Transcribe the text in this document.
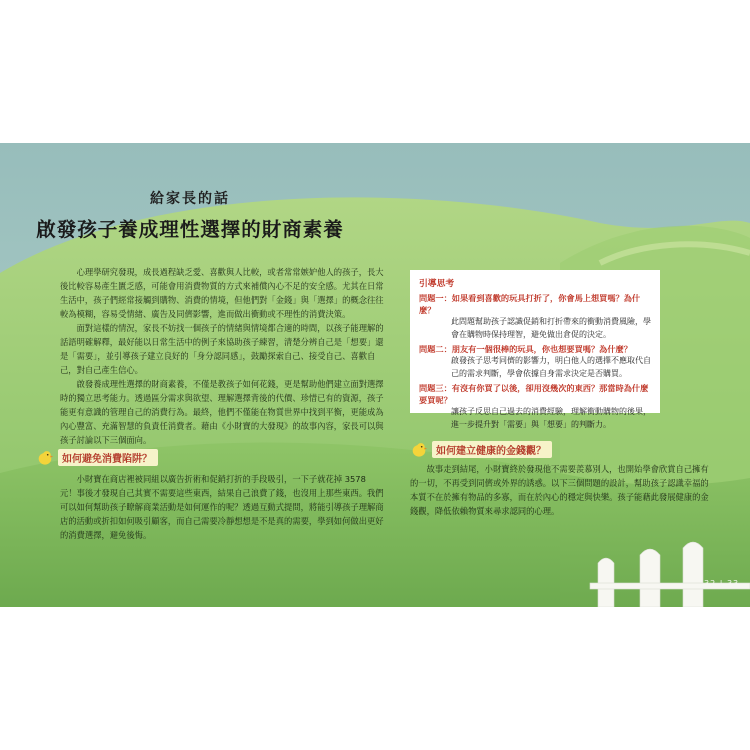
給家長的話
啟發孩子養成理性選擇的財商素養

心理學研究發現，成長過程缺乏愛、喜歡與人比較，或者常常嫉妒他人的孩子，長大後比較容易產生匱乏感，可能會用消費物質的方式來補償內心不足的安全感。尤其在日常生活中，孩子們經常接觸到購物、消費的情境，但他們對「金錢」與「選擇」的概念往往較為模糊，容易受情緒、廣告及同儕影響，進而做出衝動或不理性的消費決策。

面對這樣的情況，家長不妨找一個孩子的情緒與情境都合適的時間，以孩子能理解的話語明確解釋，最好能以日常生活中的例子來協助孩子練習，清楚分辨自己是「想要」還是「需要」，並引導孩子建立良好的「身分認同感」，鼓勵探索自己、接受自己、喜歡自己，對自己產生信心。

啟發養成理性選擇的財商素養，不僅是教孩子如何花錢，更是幫助他們建立面對選擇時的獨立思考能力。透過區分需求與欲望、理解選擇背後的代價、珍惜已有的資源，孩子能更有意識的管理自己的消費行為。最終，他們不僅能在物質世界中找到平衡，更能成為內心豐富、充滿智慧的負責任消費者。藉由《小財寶的大發現》的故事內容，家長可以與孩子討論以下三個面向。

如何避免消費陷阱？

小財寶在商店裡被同組以廣告折術和促銷打折的手段吸引，一下子就花掉 3578 元！事後才發現自己其實不需要這些東西，結果自己浪費了錢，也沒用上那些東西。我們可以如何幫助孩子瞭解商業活動是如何運作的呢？透過互動式提問，將能引導孩子理解商店的活動或折扣如何吸引顧客，而自己需要冷靜想想是不是真的需要，學到如何做出更好的消費選擇，避免後悔。

引導思考
問題一：如果看到喜歡的玩具打折了，你會馬上想買嗎？為什麼？
此問題幫助孩子認識促銷和打折帶來的衝動消費風險，學會在購物時保持理智，避免做出倉促的決定。
問題二：朋友有一個很棒的玩具，你也想要買嗎？為什麼？
啟發孩子思考同儕的影響力，明白他人的選擇不應取代自己的需求判斷，學會依據自身需求決定是否購買。
問題三：有沒有你買了以後，卻用沒幾次的東西？那當時為什麼要買呢？
讓孩子反思自己過去的消費經驗，理解衝動購物的後果，進一步提升對「需要」與「想要」的判斷力。
如何建立健康的金錢觀？

故事走到結尾，小財寶終於發現他不需要羨慕別人，也開始學會欣賞自己擁有的一切，不再受到同儕或外界的誘惑。以下三個問題的設計，幫助孩子認識幸福的本質不在於擁有物品的多寡，而在於內心的穩定與快樂。孩子能藉此發展健康的金錢觀，降低依賴物質來尋求認同的心理。

32 | 33
